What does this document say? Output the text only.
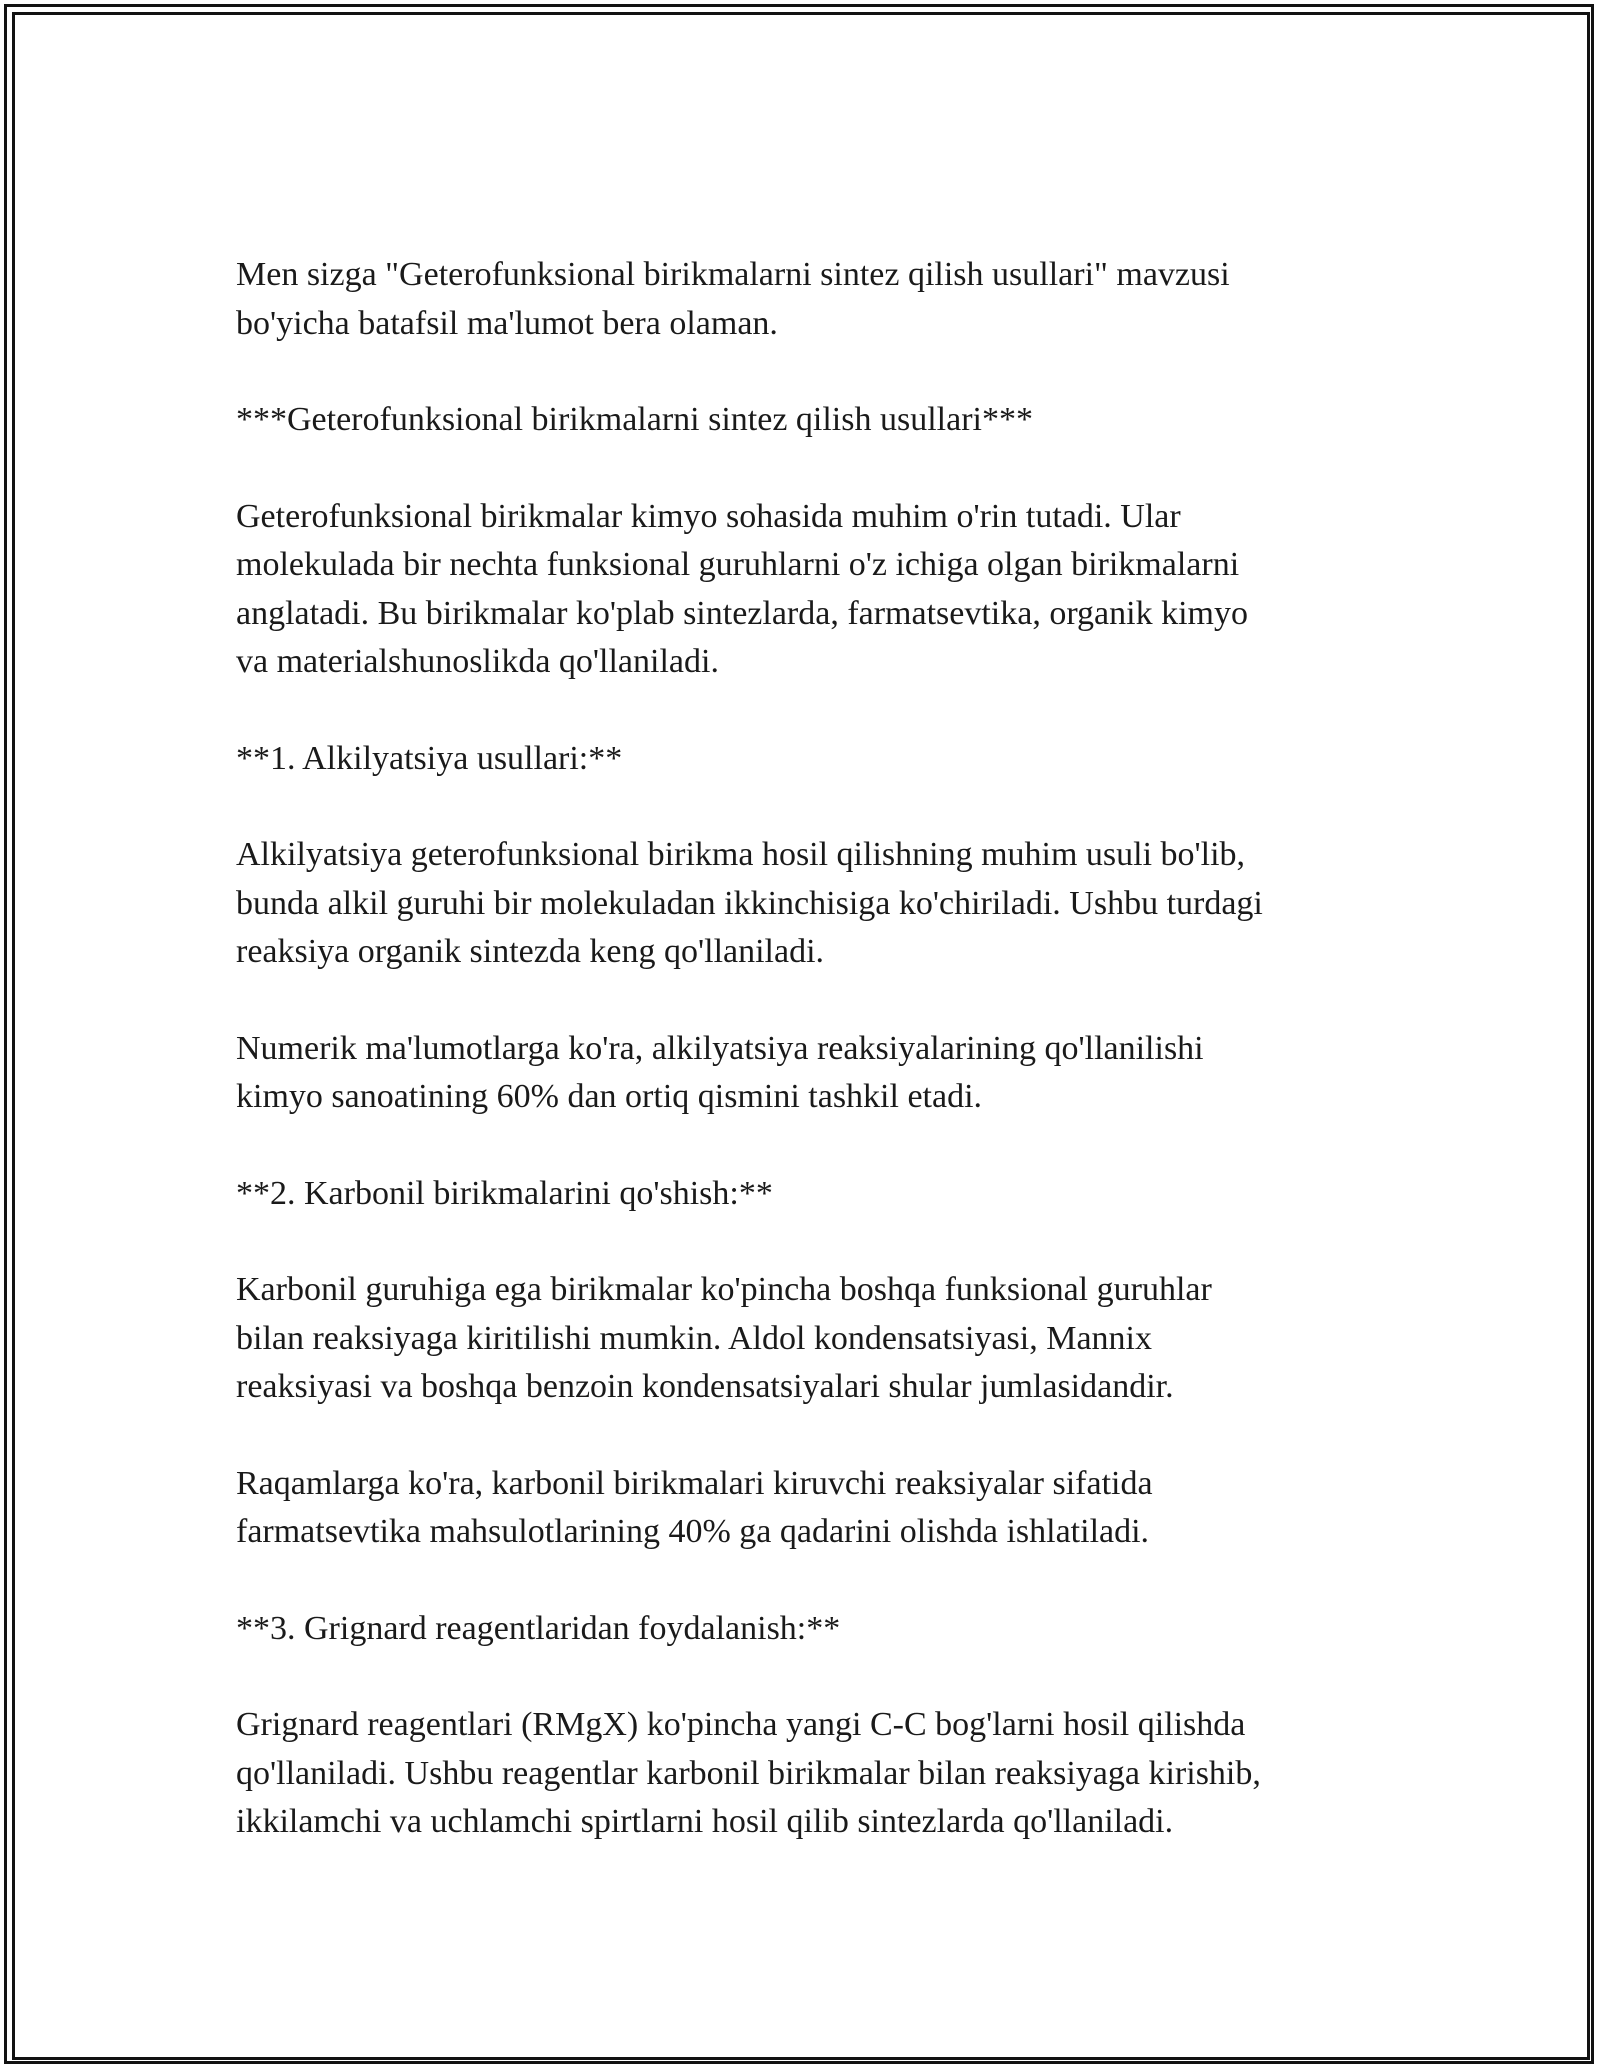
Men sizga "Geterofunksional birikmalarni sintez qilish usullari" mavzusi
bo'yicha batafsil ma'lumot bera olaman.

***Geterofunksional birikmalarni sintez qilish usullari***

Geterofunksional birikmalar kimyo sohasida muhim o'rin tutadi. Ular
molekulada bir nechta funksional guruhlarni o'z ichiga olgan birikmalarni
anglatadi. Bu birikmalar ko'plab sintezlarda, farmatsevtika, organik kimyo
va materialshunoslikda qo'llaniladi.

**1. Alkilyatsiya usullari:**

Alkilyatsiya geterofunksional birikma hosil qilishning muhim usuli bo'lib,
bunda alkil guruhi bir molekuladan ikkinchisiga ko'chiriladi. Ushbu turdagi
reaksiya organik sintezda keng qo'llaniladi.

Numerik ma'lumotlarga ko'ra, alkilyatsiya reaksiyalarining qo'llanilishi
kimyo sanoatining 60% dan ortiq qismini tashkil etadi.

**2. Karbonil birikmalarini qo'shish:**

Karbonil guruhiga ega birikmalar ko'pincha boshqa funksional guruhlar
bilan reaksiyaga kiritilishi mumkin. Aldol kondensatsiyasi, Mannix
reaksiyasi va boshqa benzoin kondensatsiyalari shular jumlasidandir.

Raqamlarga ko'ra, karbonil birikmalari kiruvchi reaksiyalar sifatida
farmatsevtika mahsulotlarining 40% ga qadarini olishda ishlatiladi.

**3. Grignard reagentlaridan foydalanish:**

Grignard reagentlari (RMgX) ko'pincha yangi C-C bog'larni hosil qilishda
qo'llaniladi. Ushbu reagentlar karbonil birikmalar bilan reaksiyaga kirishib,
ikkilamchi va uchlamchi spirtlarni hosil qilib sintezlarda qo'llaniladi.
